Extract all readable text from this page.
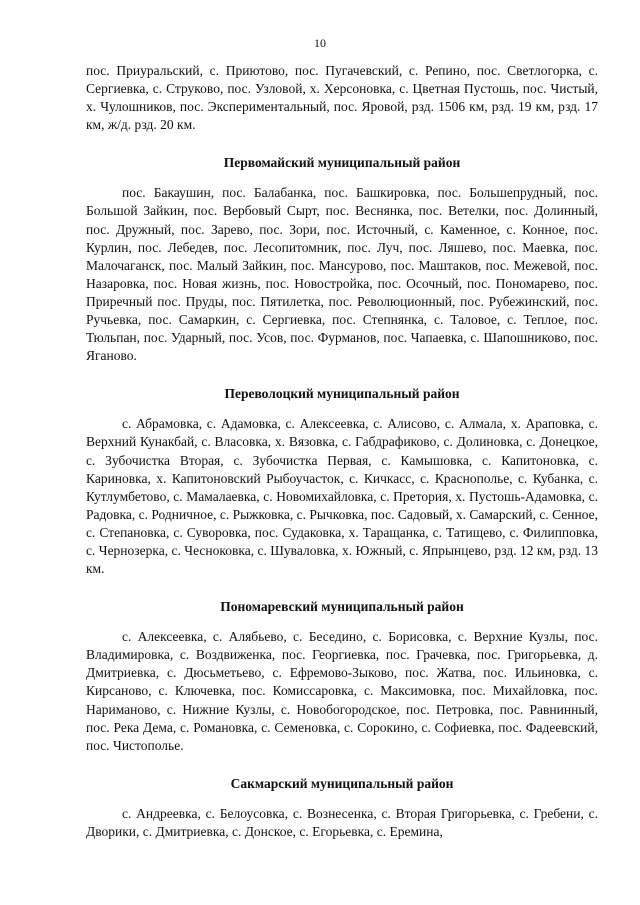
10

пос. Приуральский, с. Приютово, пос. Пугачевский, с. Репино, пос. Светлогорка, с. Сергиевка, с. Струково, пос. Узловой, х. Херсоновка, с. Цветная Пустошь, пос. Чистый, х. Чулошников, пос. Экспериментальный, пос. Яровой, рзд. 1506 км, рзд. 19 км, рзд. 17 км, ж/д. рзд. 20 км.

Первомайский муниципальный район

пос. Бакаушин, пос. Балабанка, пос. Башкировка, пос. Большепрудный, пос. Большой Зайкин, пос. Вербовый Сырт, пос. Веснянка, пос. Ветелки, пос. Долинный, пос. Дружный, пос. Зарево, пос. Зори, пос. Источный, с. Каменное, с. Конное, пос. Курлин, пос. Лебедев, пос. Лесопитомник, пос. Луч, пос. Ляшево, пос. Маевка, пос. Малочаганск, пос. Малый Зайкин, пос. Мансурово, пос. Маштаков, пос. Межевой, пос. Назаровка, пос. Новая жизнь, пос. Новостройка, пос. Осочный, пос. Пономарево, пос. Приречный пос. Пруды, пос. Пятилетка, пос. Революционный, пос. Рубежинский, пос. Ручьевка, пос. Самаркин, с. Сергиевка, пос. Степнянка, с. Таловое, с. Теплое, пос. Тюльпан, пос. Ударный, пос. Усов, пос. Фурманов, пос. Чапаевка, с. Шапошниково, пос. Яганово.

Переволоцкий муниципальный район

с. Абрамовка, с. Адамовка, с. Алексеевка, с. Алисово, с. Алмала, х. Араповка, с. Верхний Кунакбай, с. Власовка, х. Вязовка, с. Габдрафиково, с. Долиновка, с. Донецкое, с. Зубочистка Вторая, с. Зубочистка Первая, с. Камышовка, с. Капитоновка, с. Кариновка, х. Капитоновский Рыбоучасток, с. Кичкасс, с. Краснополье, с. Кубанка, с. Кутлумбетово, с. Мамалаевка, с. Новомихайловка, с. Претория, х. Пустошь-Адамовка, с. Радовка, с. Родничное, с. Рыжковка, с. Рычковка, пос. Садовый, х. Самарский, с. Сенное, с. Степановка, с. Суворовка, пос. Судаковка, х. Таращанка, с. Татищево, с. Филипповка, с. Чернозерка, с. Чесноковка, с. Шуваловка, х. Южный, с. Япрынцево, рзд. 12 км, рзд. 13 км.

Пономаревский муниципальный район

с. Алексеевка, с. Алябьево, с. Беседино, с. Борисовка, с. Верхние Кузлы, пос. Владимировка, с. Воздвиженка, пос. Георгиевка, пос. Грачевка, пос. Григорьевка, д. Дмитриевка, с. Дюсьметьево, с. Ефремово-Зыково, пос. Жатва, пос. Ильиновка, с. Кирсаново, с. Ключевка, пос. Комиссаровка, с. Максимовка, пос. Михайловка, пос. Нариманово, с. Нижние Кузлы, с. Новобогородское, пос. Петровка, пос. Равнинный, пос. Река Дема, с. Романовка, с. Семеновка, с. Сорокино, с. Софиевка, пос. Фадеевский, пос. Чистополье.

Сакмарский муниципальный район

с. Андреевка, с. Белоусовка, с. Вознесенка, с. Вторая Григорьевка, с. Гребени, с. Дворики, с. Дмитриевка, с. Донское, с. Егорьевка, с. Еремина,
